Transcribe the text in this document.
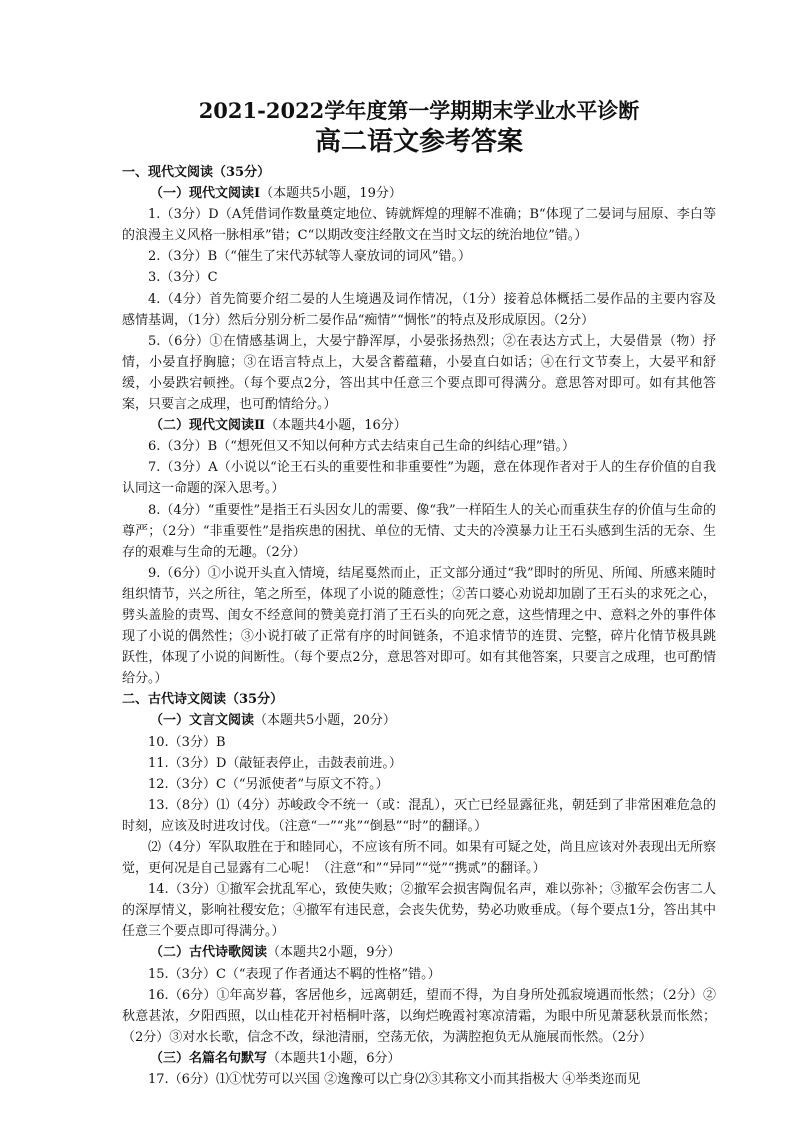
2021-2022学年度第一学期期末学业水平诊断
高二语文参考答案
一、现代文阅读（35分）
（一）现代文阅读Ⅰ（本题共5小题，19分）
1.（3分）D（A凭借词作数量奠定地位、铸就辉煌的理解不准确；B“体现了二晏词与屈原、李白等的浪漫主义风格一脉相承”错；C“以期改变注经散文在当时文坛的统治地位”错。）
2.（3分）B（“催生了宋代苏轼等人豪放词的词风”错。）
3.（3分）C
4.（4分）首先简要介绍二晏的人生境遇及词作情况，（1分）接着总体概括二晏作品的主要内容及感情基调，（1分）然后分别分析二晏作品“痴情”“惆怅”的特点及形成原因。（2分）
5.（6分）①在情感基调上，大晏宁静浑厚，小晏张扬热烈；②在表达方式上，大晏借景（物）抒情，小晏直抒胸臆；③在语言特点上，大晏含蓄蕴藉，小晏直白如话；④在行文节奏上，大晏平和舒缓，小晏跌宕顿挫。（每个要点2分，答出其中任意三个要点即可得满分。意思答对即可。如有其他答案，只要言之成理，也可酌情给分。）
（二）现代文阅读Ⅱ（本题共4小题，16分）
6.（3分）B（“想死但又不知以何种方式去结束自己生命的纠结心理”错。）
7.（3分）A（小说以“论王石头的重要性和非重要性”为题，意在体现作者对于人的生存价值的自我认同这一命题的深入思考。）
8.（4分）“重要性”是指王石头因女儿的需要、像“我”一样陌生人的关心而重获生存的价值与生命的尊严；（2分）“非重要性”是指疾患的困扰、单位的无情、丈夫的冷漠暴力让王石头感到生活的无奈、生存的艰难与生命的无趣。（2分）
9.（6分）①小说开头直入情境，结尾戛然而止，正文部分通过“我”即时的所见、所闻、所感来随时组织情节，兴之所往，笔之所至，体现了小说的随意性；②苦口婆心劝说却加剧了王石头的求死之心，劈头盖脸的责骂、闺女不经意间的赞美竟打消了王石头的向死之意，这些情理之中、意料之外的事件体现了小说的偶然性；③小说打破了正常有序的时间链条，不追求情节的连贯、完整，碎片化情节极具跳跃性，体现了小说的间断性。（每个要点2分，意思答对即可。如有其他答案，只要言之成理，也可酌情给分。）
二、古代诗文阅读（35分）
（一）文言文阅读（本题共5小题，20分）
10.（3分）B
11.（3分）D（敲钲表停止，击鼓表前进。）
12.（3分）C（“另派使者”与原文不符。）
13.（8分）⑴（4分）苏峻政令不统一（或：混乱），灭亡已经显露征兆，朝廷到了非常困难危急的时刻，应该及时进攻讨伐。（注意“一”“兆”“倒悬”“时”的翻译。）
⑵（4分）军队取胜在于和睦同心，不应该有所不同。如果有可疑之处，尚且应该对外表现出无所察觉，更何况是自己显露有二心呢！（注意“和”“异同”“觉”“携贰”的翻译。）
14.（3分）①撤军会扰乱军心，致使失败；②撤军会损害陶侃名声，难以弥补；③撤军会伤害二人的深厚情义，影响社稷安危；④撤军有违民意，会丧失优势，势必功败垂成。（每个要点1分，答出其中任意三个要点即可得满分。）
（二）古代诗歌阅读（本题共2小题，9分）
15.（3分）C（“表现了作者通达不羁的性格”错。）
16.（6分）①年高岁暮，客居他乡，远离朝廷，望而不得，为自身所处孤寂境遇而怅然；（2分）②秋意甚浓，夕阳西照，以山桂花开衬梧桐叶落，以绚烂晚霞衬寒凉清霜，为眼中所见萧瑟秋景而怅然；（2分）③对水长歌，信念不改，绿池清丽，空荡无依，为满腔抱负无从施展而怅然。（2分）
（三）名篇名句默写（本题共1小题，6分）
17.（6分）⑴①忧劳可以兴国 ②逸豫可以亡身⑵③其称文小而其指极大 ④举类迩而见
